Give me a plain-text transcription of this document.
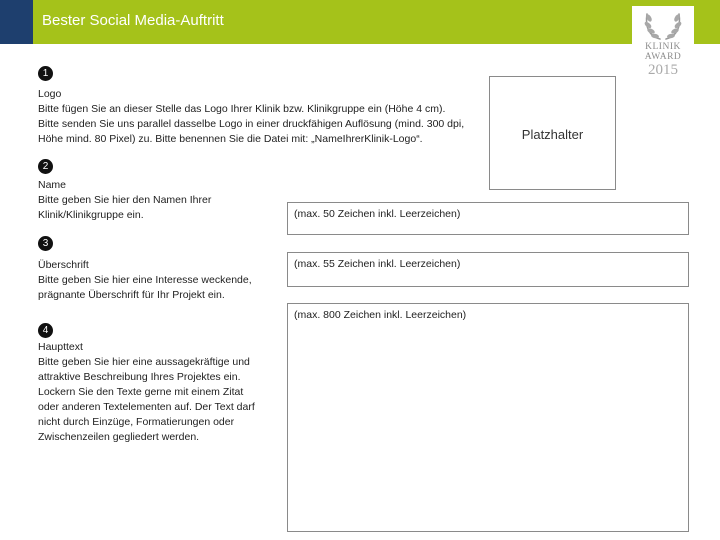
Bester Social Media-Auftritt
KLINIK
AWARD
2015
1
Logo
Bitte fügen Sie an dieser Stelle das Logo Ihrer Klinik bzw. Klinikgruppe ein (Höhe 4 cm).
Bitte senden Sie uns parallel dasselbe Logo in einer druckfähigen Auflösung (mind. 300 dpi,
Höhe mind. 80 Pixel) zu. Bitte benennen Sie die Datei mit: „NameIhrerKlinik-Logo“.	Platzhalter
2
Name
Bitte geben Sie hier den Namen Ihrer
Klinik/Klinikgruppe ein.	(max. 50 Zeichen inkl. Leerzeichen)
3
Überschrift
Bitte geben Sie hier eine Interesse weckende,
prägnante Überschrift für Ihr Projekt ein.
(max. 55 Zeichen inkl. Leerzeichen)
4
Haupttext
Bitte geben Sie hier eine aussagekräftige und
attraktive Beschreibung Ihres Projektes ein.
Lockern Sie den Texte gerne mit einem Zitat
oder anderen Textelementen auf. Der Text darf
nicht durch Einzüge, Formatierungen oder
Zwischenzeilen gegliedert werden.
(max. 800 Zeichen inkl. Leerzeichen)
